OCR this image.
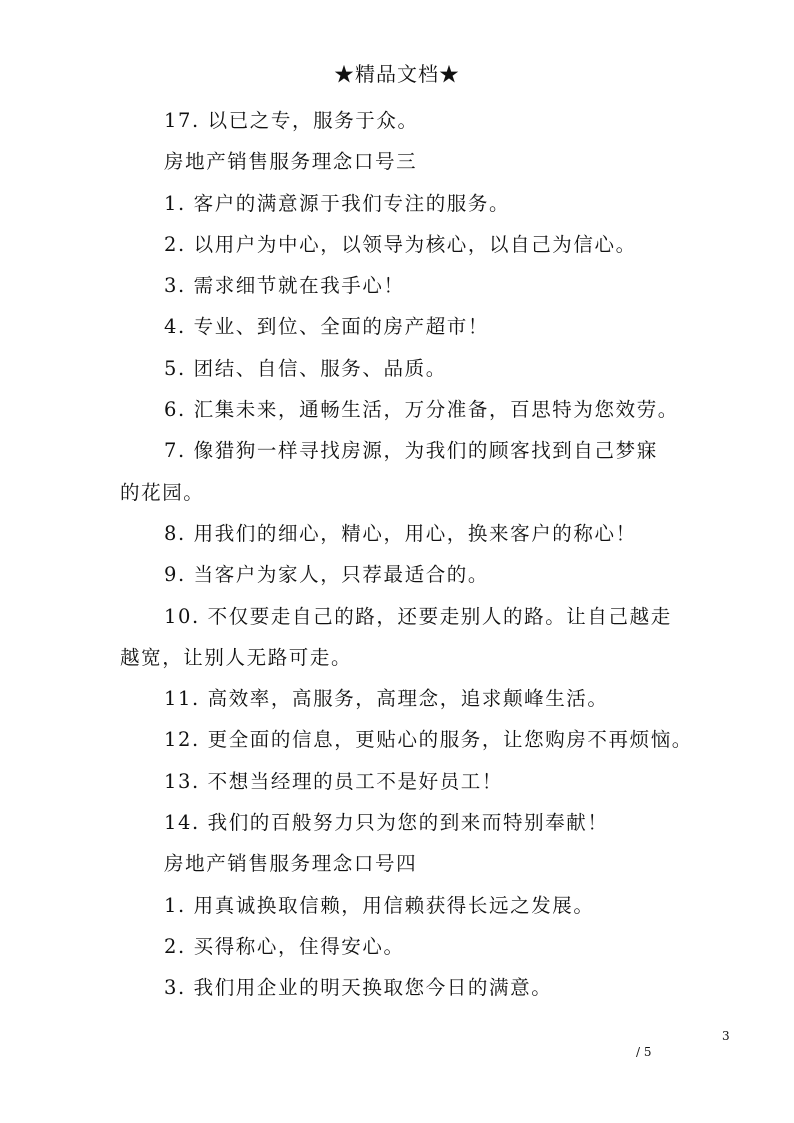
★精品文档★

17. 以已之专，服务于众。

房地产销售服务理念口号三

1. 客户的满意源于我们专注的服务。

2. 以用户为中心，以领导为核心，以自己为信心。

3. 需求细节就在我手心！

4. 专业、到位、全面的房产超市！

5. 团结、自信、服务、品质。

6. 汇集未来，通畅生活，万分准备，百思特为您效劳。

7. 像猎狗一样寻找房源，为我们的顾客找到自己梦寐

的花园。

8. 用我们的细心，精心，用心，换来客户的称心！

9. 当客户为家人，只荐最适合的。

10. 不仅要走自己的路，还要走别人的路。让自己越走

越宽，让别人无路可走。

11. 高效率，高服务，高理念，追求颠峰生活。

12. 更全面的信息，更贴心的服务，让您购房不再烦恼。

13. 不想当经理的员工不是好员工！

14. 我们的百般努力只为您的到来而特别奉献！

房地产销售服务理念口号四

1. 用真诚换取信赖，用信赖获得长远之发展。

2. 买得称心，住得安心。

3. 我们用企业的明天换取您今日的满意。

3
/ 5
